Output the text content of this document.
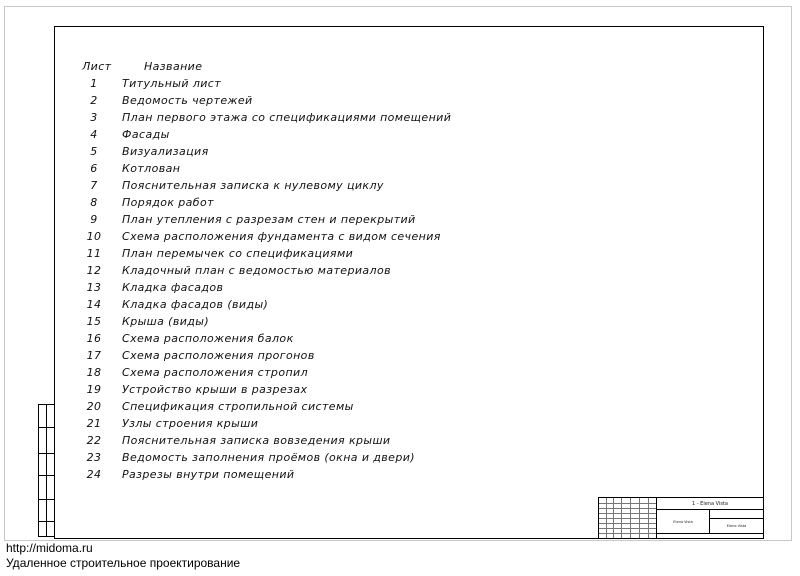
Лист	Название
1	Титульный лист
2	Ведомость чертежей
3	План первого этажа со спецификациями помещений
4	Фасады
5	Визуализация
6	Котлован
7	Пояснительная записка к нулевому циклу
8	Порядок работ
9	План утепления с разрезам стен и перекрытий
10	Схема расположения фундамента с видом сечения
11	План перемычек со спецификациями
12	Кладочный план с ведомостью материалов
13	Кладка фасадов
14	Кладка фасадов (виды)
15	Крыша (виды)
16	Схема расположения балок
17	Схема расположения прогонов
18	Схема расположения стропил
19	Устройство крыши в разрезах
20	Спецификация стропильной системы
21	Узлы строения крыши
22	Пояснительная записка вовзедения крыши
23	Ведомость заполнения проёмов (окна и двери)
24	Разрезы внутри помещений
1 - Elena Vista
Elena Vista
Elena Vista
http://midoma.ru
Удаленное строительное проектирование
